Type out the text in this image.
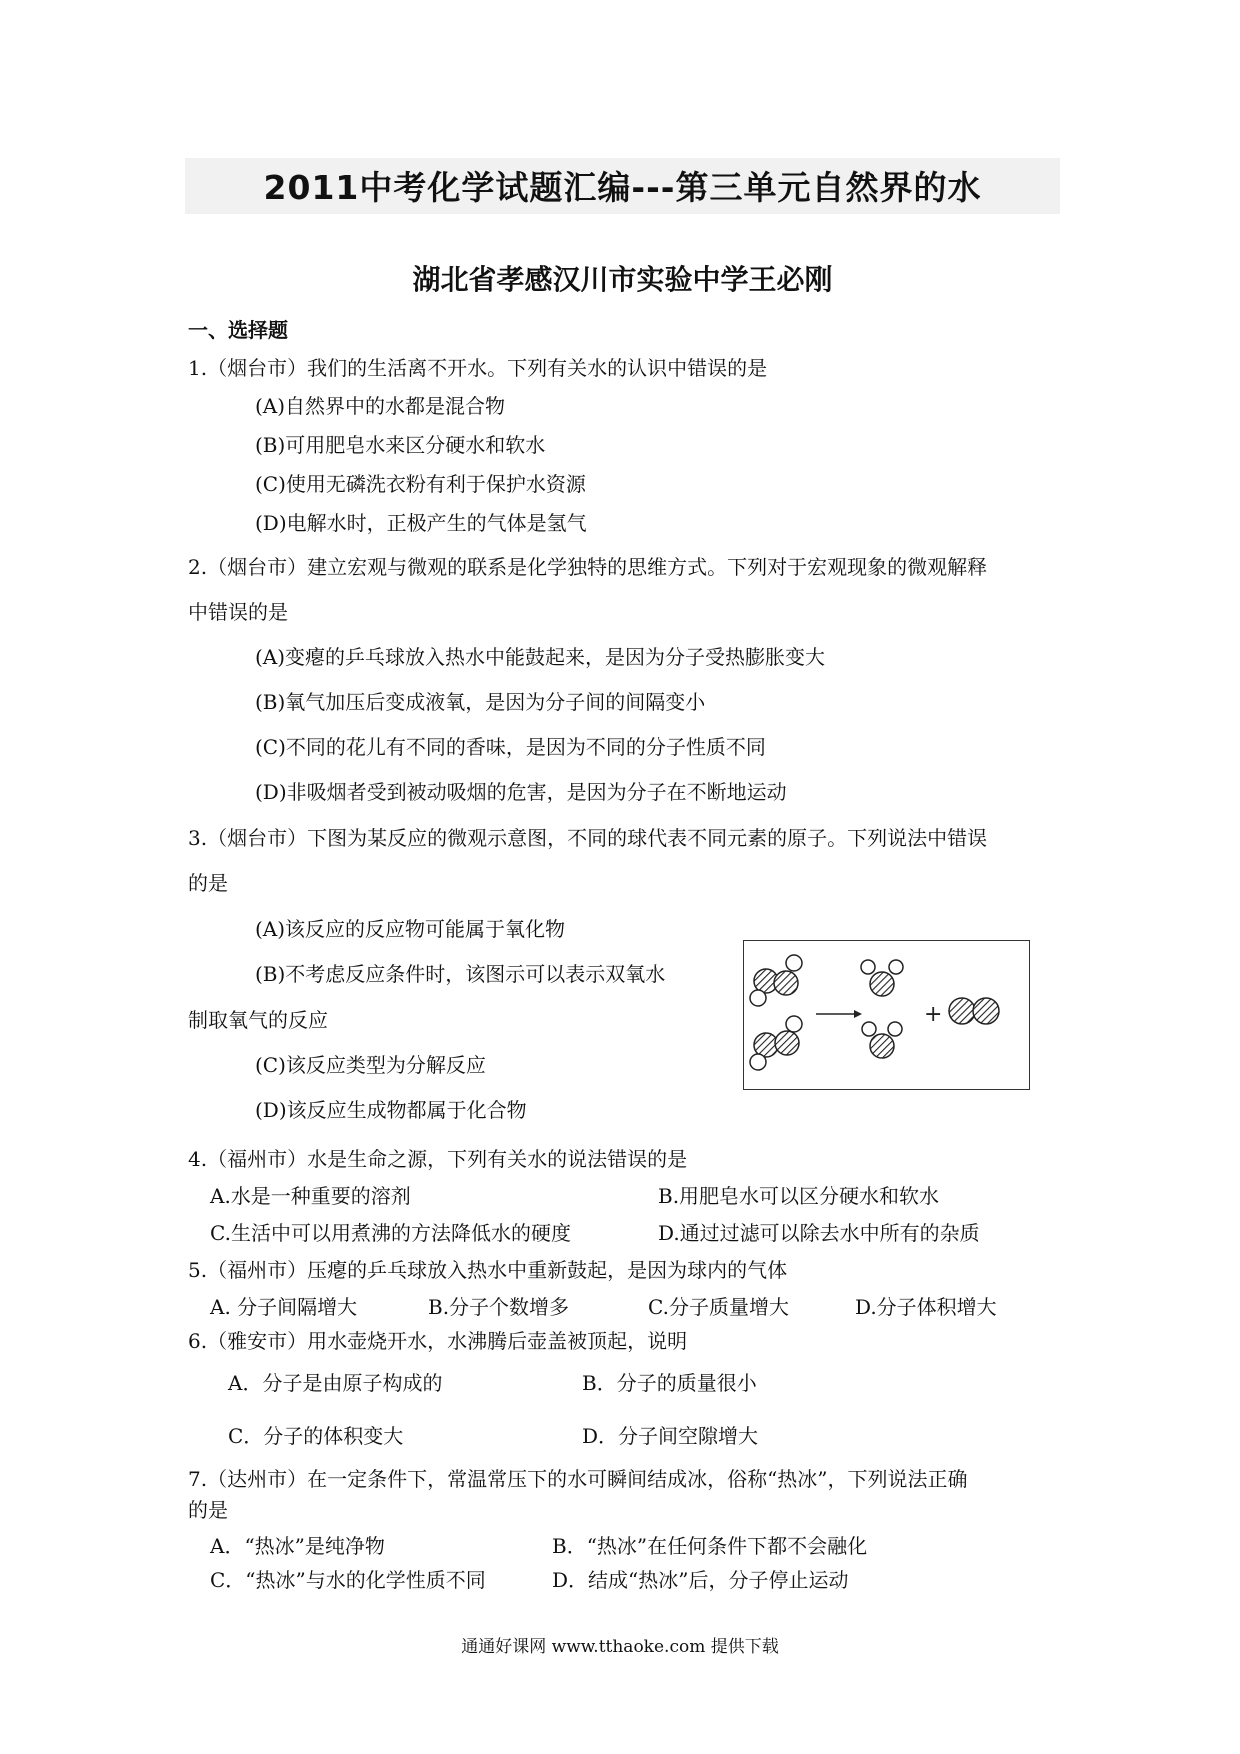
2011中考化学试题汇编---第三单元自然界的水
湖北省孝感汉川市实验中学王必刚
一、选择题
1.（烟台市）我们的生活离不开水。下列有关水的认识中错误的是
(A)自然界中的水都是混合物
(B)可用肥皂水来区分硬水和软水
(C)使用无磷洗衣粉有利于保护水资源
(D)电解水时，正极产生的气体是氢气
2.（烟台市）建立宏观与微观的联系是化学独特的思维方式。下列对于宏观现象的微观解释
中错误的是
(A)变瘪的乒乓球放入热水中能鼓起来，是因为分子受热膨胀变大
(B)氧气加压后变成液氧，是因为分子间的间隔变小
(C)不同的花儿有不同的香味，是因为不同的分子性质不同
(D)非吸烟者受到被动吸烟的危害，是因为分子在不断地运动
3.（烟台市）下图为某反应的微观示意图，不同的球代表不同元素的原子。下列说法中错误
的是
(A)该反应的反应物可能属于氧化物
(B)不考虑反应条件时，该图示可以表示双氧水
制取氧气的反应
(C)该反应类型为分解反应
(D)该反应生成物都属于化合物
+
4.（福州市）水是生命之源，下列有关水的说法错误的是
A.水是一种重要的溶剂	B.用肥皂水可以区分硬水和软水
C.生活中可以用煮沸的方法降低水的硬度	D.通过过滤可以除去水中所有的杂质
5.（福州市）压瘪的乒乓球放入热水中重新鼓起，是因为球内的气体
A. 分子间隔增大	B.分子个数增多	C.分子质量增大	D.分子体积增大
6.（雅安市）用水壶烧开水，水沸腾后壶盖被顶起，说明
A．分子是由原子构成的	B．分子的质量很小
C．分子的体积变大	D．分子间空隙增大
7.（达州市）在一定条件下，常温常压下的水可瞬间结成冰，俗称“热冰”，下列说法正确
的是
A．“热冰”是纯净物	B．“热冰”在任何条件下都不会融化
C．“热冰”与水的化学性质不同	D．结成“热冰”后，分子停止运动
通通好课网 www.tthaoke.com 提供下载
